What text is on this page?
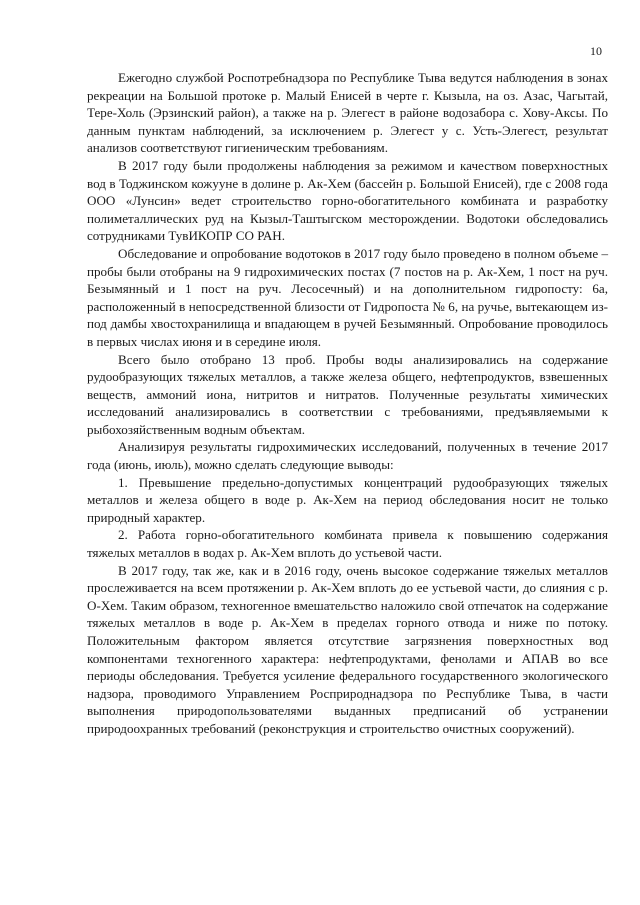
10

Ежегодно службой Роспотребнадзора по Республике Тыва ведутся наблюдения в зонах рекреации на Большой протоке р. Малый Енисей в черте г. Кызыла, на оз. Азас, Чагытай, Тере-Холь (Эрзинский район), а также на р. Элегест в районе водозабора с. Хову-Аксы. По данным пунктам наблюдений, за исключением р. Элегест у с. Усть-Элегест, результат анализов соответствуют гигиеническим требованиям.

В 2017 году были продолжены наблюдения за режимом и качеством поверхностных вод в Тоджинском кожууне в долине р. Ак-Хем (бассейн р. Большой Енисей), где с 2008 года ООО «Лунсин» ведет строительство горно-обогатительного комбината и разработку полиметаллических руд на Кызыл-Таштыгском месторождении. Водотоки обследовались сотрудниками ТувИКОПР СО РАН.

Обследование и опробование водотоков в 2017 году было проведено в полном объеме – пробы были отобраны на 9 гидрохимических постах (7 постов на р. Ак-Хем, 1 пост на руч. Безымянный и 1 пост на руч. Лесосечный) и на дополнительном гидропосту: 6а, расположенный в непосредственной близости от Гидропоста № 6, на ручье, вытекающем из-под дамбы хвостохранилища и впадающем в ручей Безымянный. Опробование проводилось в первых числах июня и в середине июля.

Всего было отобрано 13 проб. Пробы воды анализировались на содержание рудообразующих тяжелых металлов, а также железа общего, нефтепродуктов, взвешенных веществ, аммоний иона, нитритов и нитратов. Полученные результаты химических исследований анализировались в соответствии с требованиями, предъявляемыми к рыбохозяйственным водным объектам.

Анализируя результаты гидрохимических исследований, полученных в течение 2017 года (июнь, июль), можно сделать следующие выводы:

1. Превышение предельно-допустимых концентраций рудообразующих тяжелых металлов и железа общего в воде р. Ак-Хем на период обследования носит не только природный характер.

2. Работа горно-обогатительного комбината привела к повышению содержания тяжелых металлов в водах р. Ак-Хем вплоть до устьевой части.

В 2017 году, так же, как и в 2016 году, очень высокое содержание тяжелых металлов прослеживается на всем протяжении р. Ак-Хем вплоть до ее устьевой части, до слияния с р. О-Хем. Таким образом, техногенное вмешательство наложило свой отпечаток на содержание тяжелых металлов в воде р. Ак-Хем в пределах горного отвода и ниже по потоку. Положительным фактором является отсутствие загрязнения поверхностных вод компонентами техногенного характера: нефтепродуктами, фенолами и АПАВ во все периоды обследования. Требуется усиление федерального государственного экологического надзора, проводимого Управлением Росприроднадзора по Республике Тыва, в части выполнения природопользователями выданных предписаний об устранении природоохранных требований (реконструкция и строительство очистных сооружений).
